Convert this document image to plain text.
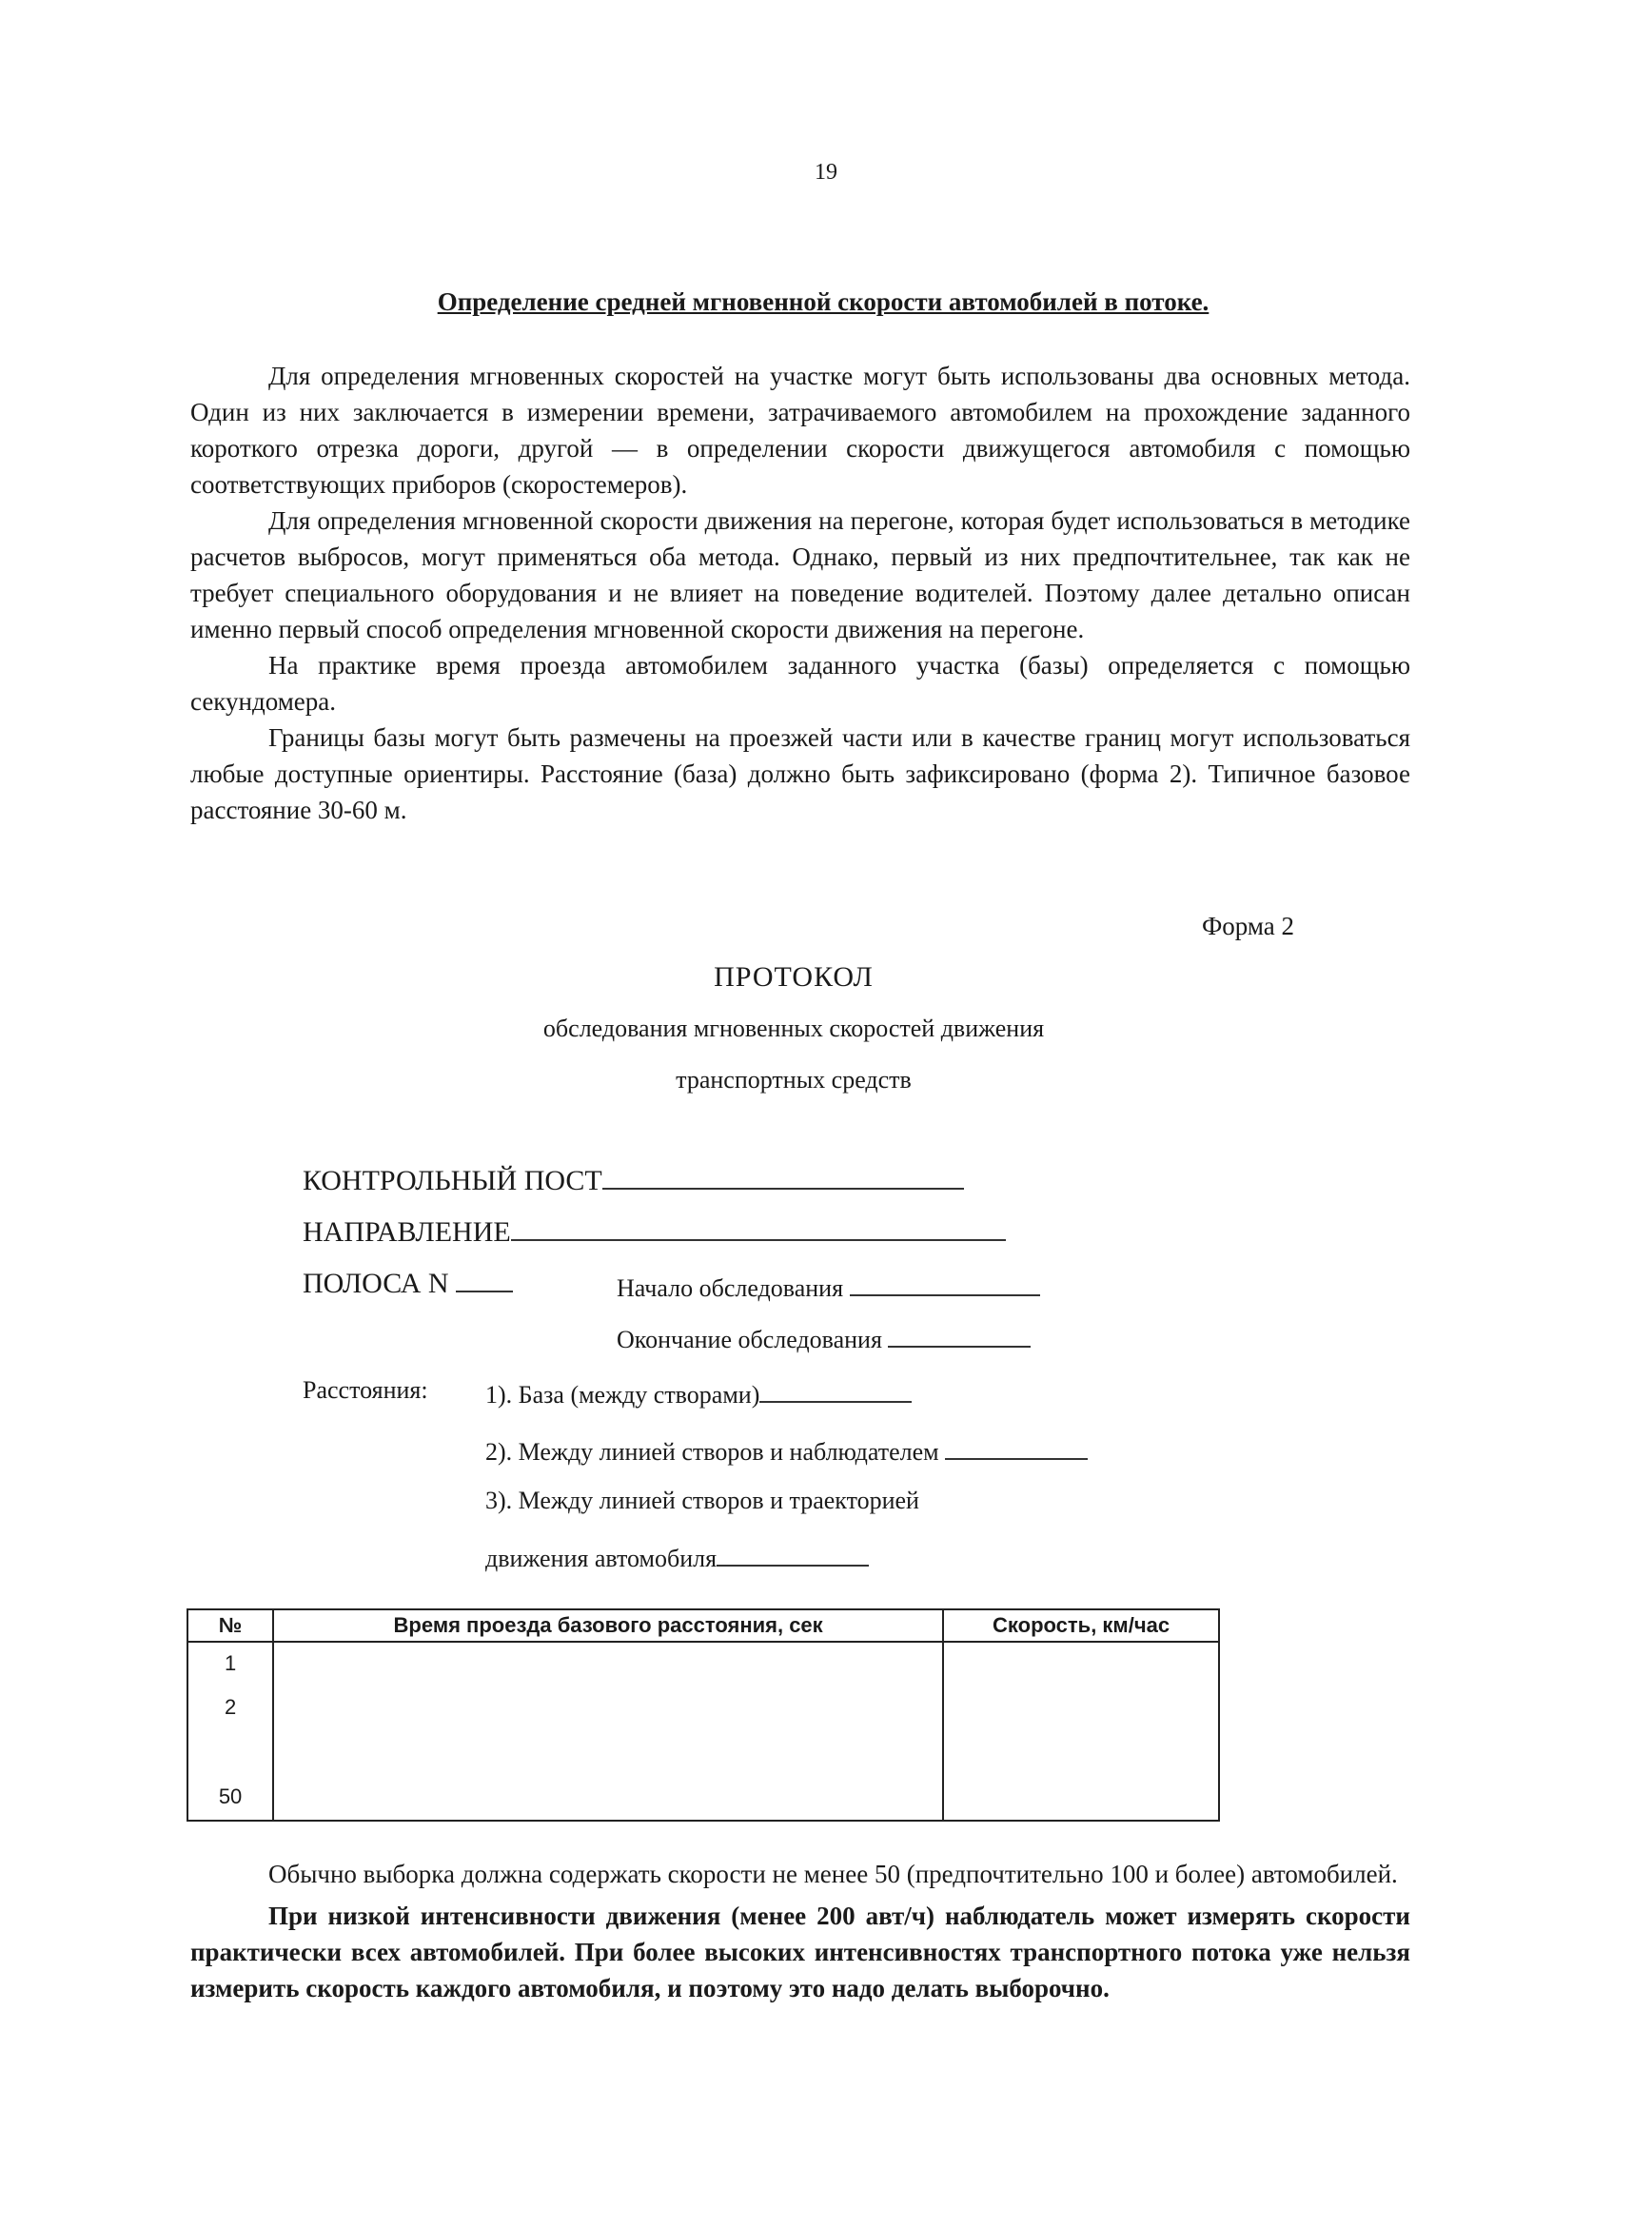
19
Определение средней мгновенной скорости автомобилей в потоке.

Для определения мгновенных скоростей на участке могут быть использованы два основных метода. Один из них заключается в измерении времени, затрачиваемого автомобилем на прохождение заданного короткого отрезка дороги, другой — в определении скорости движущегося автомобиля с помощью соответствующих приборов (скоростемеров).

Для определения мгновенной скорости движения на перегоне, которая будет использоваться в методике расчетов выбросов, могут применяться оба метода. Однако, первый из них предпочтительнее, так как не требует специального оборудования и не влияет на поведение водителей. Поэтому далее детально описан именно первый способ определения мгновенной скорости движения на перегоне.

На практике время проезда автомобилем заданного участка (базы) определяется с помощью секундомера.

Границы базы могут быть размечены на проезжей части или в качестве границ могут использоваться любые доступные ориентиры. Расстояние (база) должно быть зафиксировано (форма 2). Типичное базовое расстояние 30-60 м.

Форма 2
ПРОТОКОЛ
обследования мгновенных скоростей движения
транспортных средств
КОНТРОЛЬНЫЙ ПОСТ
НАПРАВЛЕНИЕ
ПОЛОСА N	Начало обследования
Окончание обследования
Расстояния: 1). База (между створами)
2). Между линией створов и наблюдателем
3). Между линией створов и траекторией
движения автомобиля
№	Время проезда базового расстояния, сек	Скорость, км/час
1		
2		

50		

Обычно выборка должна содержать скорости не менее 50 (предпочтительно 100 и более) автомобилей.

При низкой интенсивности движения (менее 200 авт/ч) наблюдатель может измерять скорости практически всех автомобилей. При более высоких интенсивностях транспортного потока уже нельзя измерить скорость каждого автомобиля, и поэтому это надо делать выборочно.
